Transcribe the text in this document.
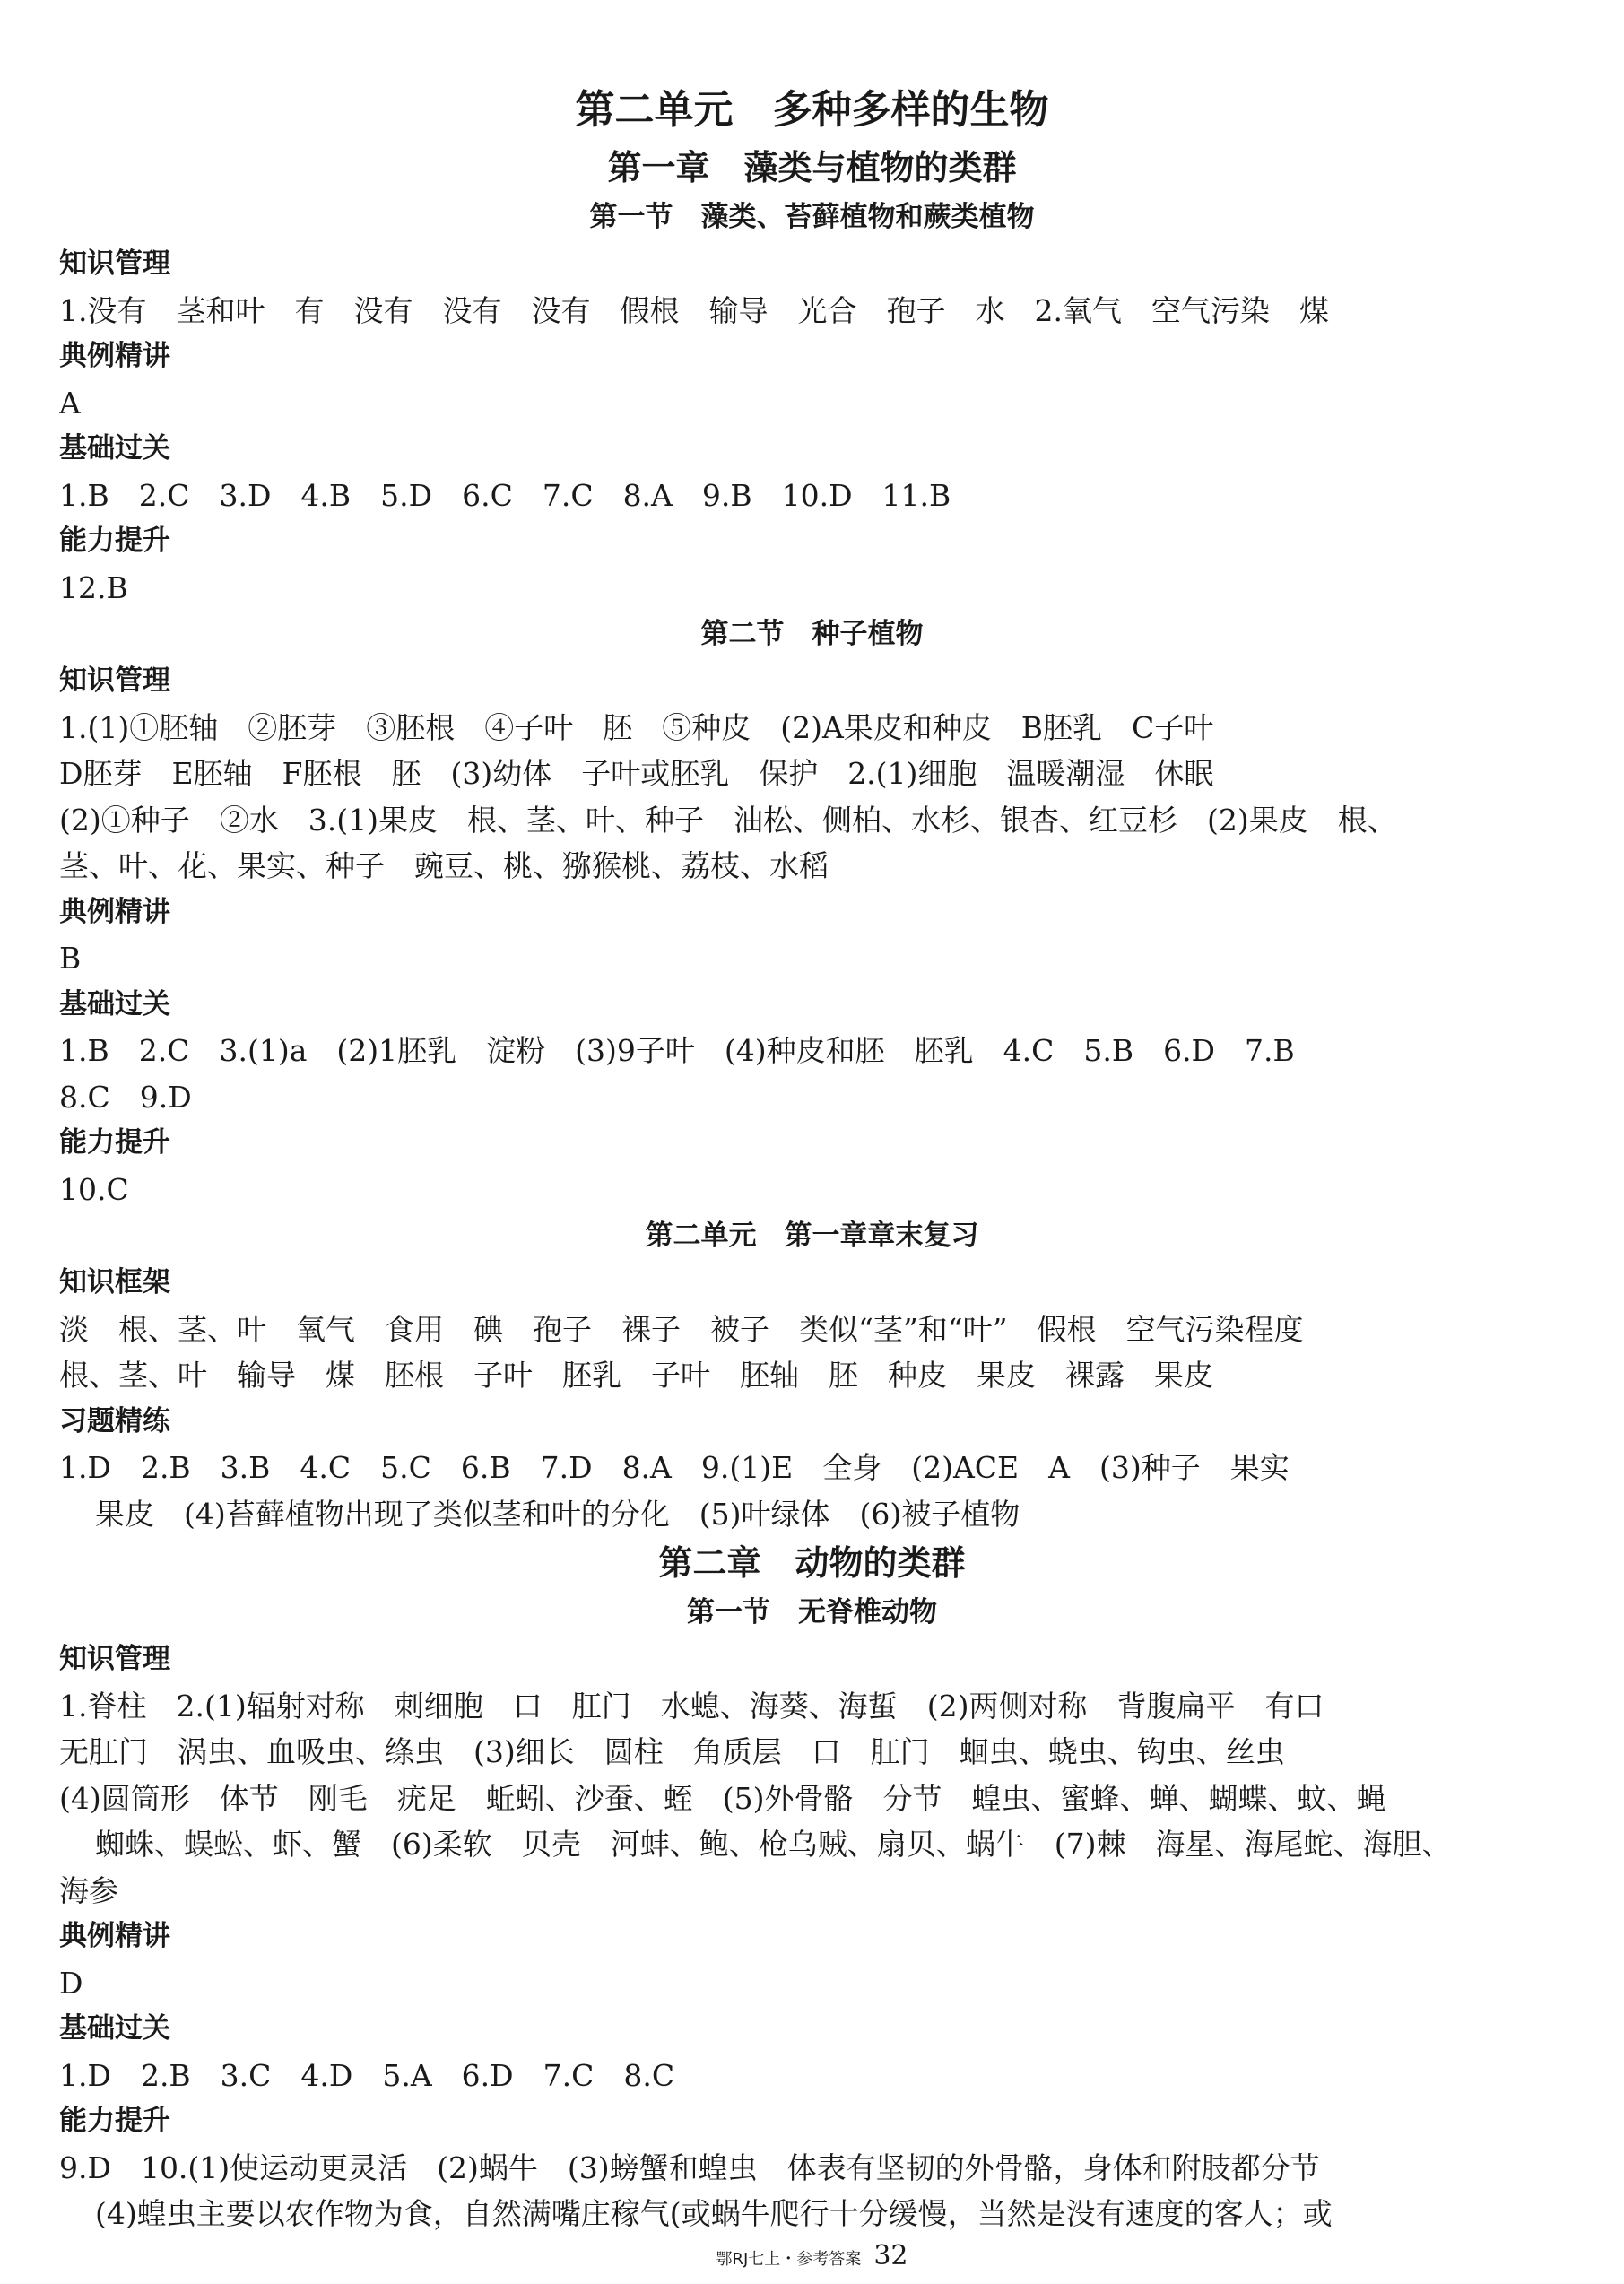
第二单元　多种多样的生物
第一章　藻类与植物的类群
第一节　藻类、苔藓植物和蕨类植物
知识管理
1.没有　茎和叶　有　没有　没有　没有　假根　输导　光合　孢子　水　2.氧气　空气污染　煤
典例精讲
A
基础过关
1.B　2.C　3.D　4.B　5.D　6.C　7.C　8.A　9.B　10.D　11.B
能力提升
12.B
第二节　种子植物
知识管理
1.(1)①胚轴　②胚芽　③胚根　④子叶　胚　⑤种皮　(2)A果皮和种皮　B胚乳　C子叶
D胚芽　E胚轴　F胚根　胚　(3)幼体　子叶或胚乳　保护　2.(1)细胞　温暖潮湿　休眠
(2)①种子　②水　3.(1)果皮　根、茎、叶、种子　油松、侧柏、水杉、银杏、红豆杉　(2)果皮　根、
茎、叶、花、果实、种子　豌豆、桃、猕猴桃、荔枝、水稻
典例精讲
B
基础过关
1.B　2.C　3.(1)a　(2)1胚乳　淀粉　(3)9子叶　(4)种皮和胚　胚乳　4.C　5.B　6.D　7.B
8.C　9.D
能力提升
10.C
第二单元　第一章章末复习
知识框架
淡　根、茎、叶　氧气　食用　碘　孢子　裸子　被子　类似“茎”和“叶”　假根　空气污染程度
根、茎、叶　输导　煤　胚根　子叶　胚乳　子叶　胚轴　胚　种皮　果皮　裸露　果皮
习题精练
1.D　2.B　3.B　4.C　5.C　6.B　7.D　8.A　9.(1)E　全身　(2)ACE　A　(3)种子　果实
果皮　(4)苔藓植物出现了类似茎和叶的分化　(5)叶绿体　(6)被子植物
第二章　动物的类群
第一节　无脊椎动物
知识管理
1.脊柱　2.(1)辐射对称　刺细胞　口　肛门　水螅、海葵、海蜇　(2)两侧对称　背腹扁平　有口
无肛门　涡虫、血吸虫、绦虫　(3)细长　圆柱　角质层　口　肛门　蛔虫、蛲虫、钩虫、丝虫
(4)圆筒形　体节　刚毛　疣足　蚯蚓、沙蚕、蛭　(5)外骨骼　分节　蝗虫、蜜蜂、蝉、蝴蝶、蚊、蝇
蜘蛛、蜈蚣、虾、蟹　(6)柔软　贝壳　河蚌、鲍、枪乌贼、扇贝、蜗牛　(7)棘　海星、海尾蛇、海胆、
海参
典例精讲
D
基础过关
1.D　2.B　3.C　4.D　5.A　6.D　7.C　8.C
能力提升
9.D　10.(1)使运动更灵活　(2)蜗牛　(3)螃蟹和蝗虫　体表有坚韧的外骨骼，身体和附肢都分节
(4)蝗虫主要以农作物为食，自然满嘴庄稼气(或蜗牛爬行十分缓慢，当然是没有速度的客人；或
鄂RJ七上・参考答案 32
